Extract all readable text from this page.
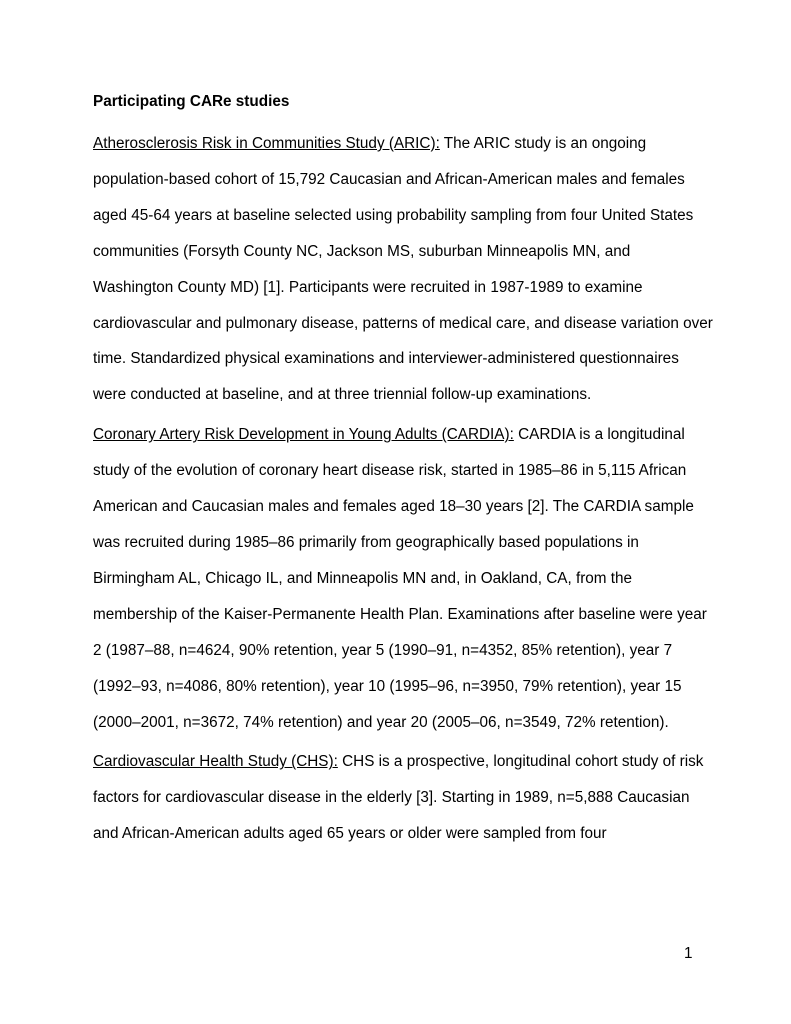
Participating CARe studies

Atherosclerosis Risk in Communities Study (ARIC): The ARIC study is an ongoing population-based cohort of 15,792 Caucasian and African-American males and females aged 45-64 years at baseline selected using probability sampling from four United States communities (Forsyth County NC, Jackson MS, suburban Minneapolis MN, and Washington County MD) [1]. Participants were recruited in 1987-1989 to examine cardiovascular and pulmonary disease, patterns of medical care, and disease variation over time. Standardized physical examinations and interviewer-administered questionnaires were conducted at baseline, and at three triennial follow-up examinations.

Coronary Artery Risk Development in Young Adults (CARDIA): CARDIA is a longitudinal study of the evolution of coronary heart disease risk, started in 1985–86 in 5,115 African American and Caucasian males and females aged 18–30 years [2]. The CARDIA sample was recruited during 1985–86 primarily from geographically based populations in Birmingham AL, Chicago IL, and Minneapolis MN and, in Oakland, CA, from the membership of the Kaiser-Permanente Health Plan. Examinations after baseline were year 2 (1987–88, n=4624, 90% retention, year 5 (1990–91, n=4352, 85% retention), year 7 (1992–93, n=4086, 80% retention), year 10 (1995–96, n=3950, 79% retention), year 15 (2000–2001, n=3672, 74% retention) and year 20 (2005–06, n=3549, 72% retention).

Cardiovascular Health Study (CHS): CHS is a prospective, longitudinal cohort study of risk factors for cardiovascular disease in the elderly [3]. Starting in 1989, n=5,888 Caucasian and African-American adults aged 65 years or older were sampled from four

1
